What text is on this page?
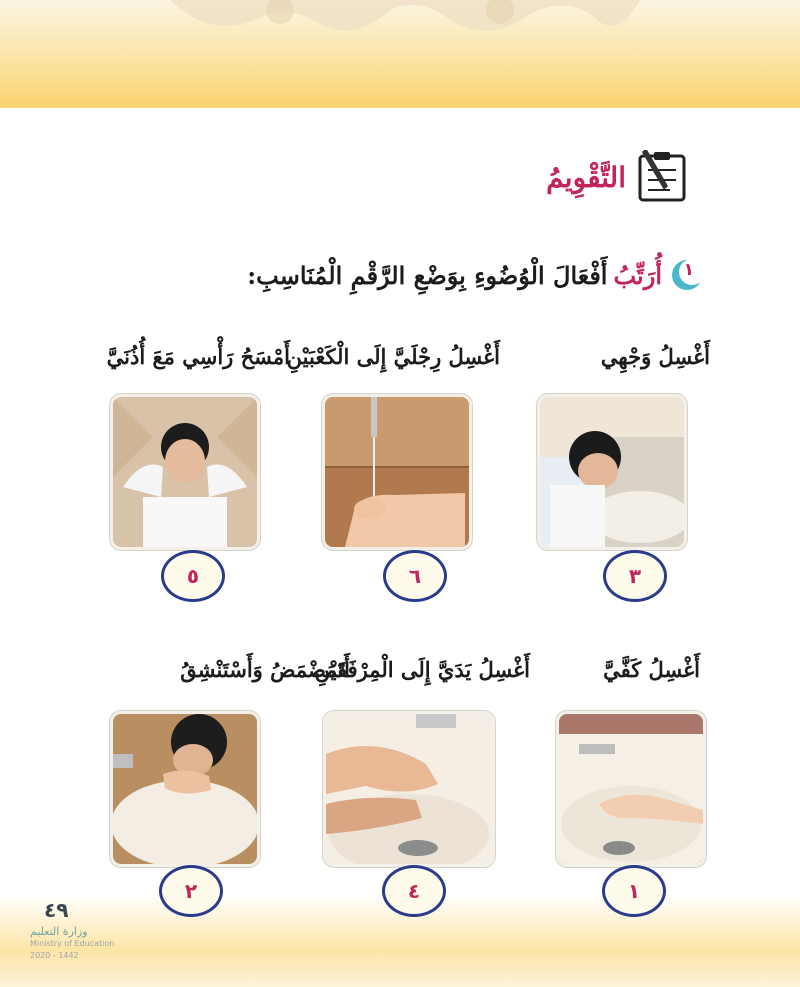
التَّقْوِيمُ
١
أُرَتِّبُ
أَفْعَالَ الْوُضُوءِ بِوَضْعِ الرَّقْمِ الْمُنَاسِبِ:
أَغْسِلُ وَجْهِي
٣
أَغْسِلُ رِجْلَيَّ إِلَى الْكَعْبَيْنِ
٦
أَمْسَحُ رَأْسِي مَعَ أُذُنَيَّ
٥
أَغْسِلُ كَفَّيَّ
١
أَغْسِلُ يَدَيَّ إِلَى الْمِرْفَقَيْنِ
٤
أَتَمَضْمَضُ وَأَسْتَنْشِقُ
٢
٤٩
وزارة التعليم
Ministry of Education
2020 - 1442
